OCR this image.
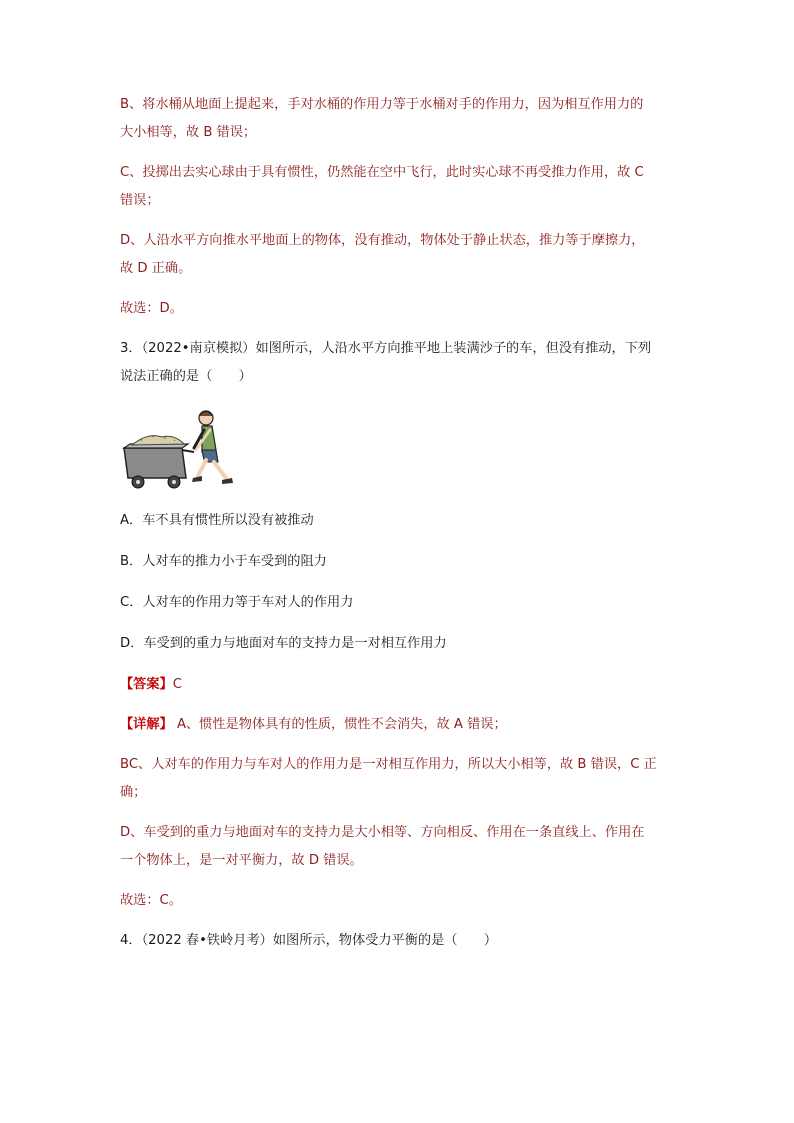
B、将水桶从地面上提起来，手对水桶的作用力等于水桶对手的作用力，因为相互作用力的
大小相等，故 B 错误；
C、投掷出去实心球由于具有惯性，仍然能在空中飞行，此时实心球不再受推力作用，故 C
错误；
D、人沿水平方向推水平地面上的物体，没有推动，物体处于静止状态，推力等于摩擦力，
故 D 正确。
故选：D。
3．（2022•南京模拟）如图所示，人沿水平方向推平地上装满沙子的车，但没有推动，下列
说法正确的是（　　）
A．车不具有惯性所以没有被推动
B．人对车的推力小于车受到的阻力
C．人对车的作用力等于车对人的作用力
D．车受到的重力与地面对车的支持力是一对相互作用力
【答案】C
【详解】 A、惯性是物体具有的性质，惯性不会消失，故 A 错误；
BC、人对车的作用力与车对人的作用力是一对相互作用力，所以大小相等，故 B 错误，C 正
确；
D、车受到的重力与地面对车的支持力是大小相等、方向相反、作用在一条直线上、作用在
一个物体上，是一对平衡力，故 D 错误。
故选：C。
4．（2022 春•铁岭月考）如图所示，物体受力平衡的是（　　）
